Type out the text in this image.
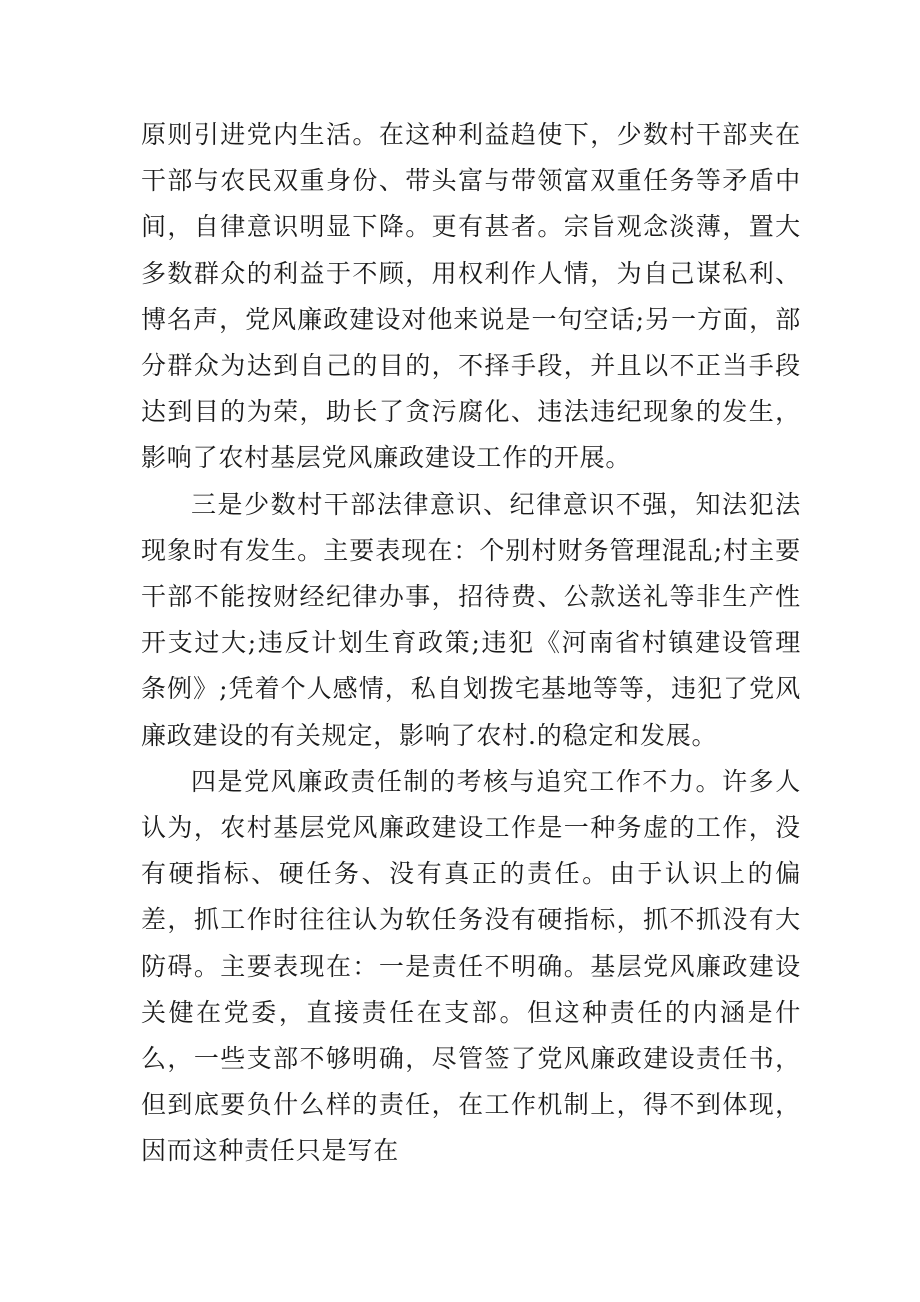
原则引进党内生活。在这种利益趋使下，少数村干部夹在干部与农民双重身份、带头富与带领富双重任务等矛盾中间，自律意识明显下降。更有甚者。宗旨观念淡薄，置大多数群众的利益于不顾，用权利作人情，为自己谋私利、博名声，党风廉政建设对他来说是一句空话;另一方面，部分群众为达到自己的目的，不择手段，并且以不正当手段达到目的为荣，助长了贪污腐化、违法违纪现象的发生，影响了农村基层党风廉政建设工作的开展。

三是少数村干部法律意识、纪律意识不强，知法犯法现象时有发生。主要表现在：个别村财务管理混乱;村主要干部不能按财经纪律办事，招待费、公款送礼等非生产性开支过大;违反计划生育政策;违犯《河南省村镇建设管理条例》;凭着个人感情，私自划拨宅基地等等，违犯了党风廉政建设的有关规定，影响了农村.的稳定和发展。

四是党风廉政责任制的考核与追究工作不力。许多人认为，农村基层党风廉政建设工作是一种务虚的工作，没有硬指标、硬任务、没有真正的责任。由于认识上的偏差，抓工作时往往认为软任务没有硬指标，抓不抓没有大防碍。主要表现在：一是责任不明确。基层党风廉政建设关健在党委，直接责任在支部。但这种责任的内涵是什么，一些支部不够明确，尽管签了党风廉政建设责任书，但到底要负什么样的责任，在工作机制上，得不到体现，因而这种责任只是写在
